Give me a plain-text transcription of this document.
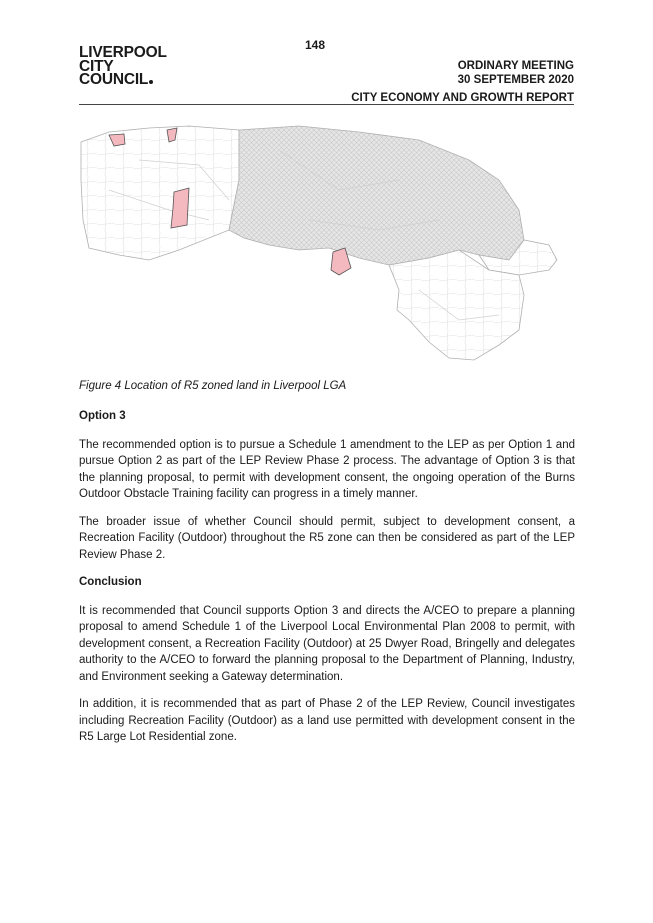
148
LIVERPOOL
CITY
COUNCIL
ORDINARY MEETING
30 SEPTEMBER 2020
CITY ECONOMY AND GROWTH REPORT
Figure 4 Location of R5 zoned land in Liverpool LGA
Option 3

The recommended option is to pursue a Schedule 1 amendment to the LEP as per Option 1 and pursue Option 2 as part of the LEP Review Phase 2 process. The advantage of Option 3 is that the planning proposal, to permit with development consent, the ongoing operation of the Burns Outdoor Obstacle Training facility can progress in a timely manner.

The broader issue of whether Council should permit, subject to development consent, a Recreation Facility (Outdoor) throughout the R5 zone can then be considered as part of the LEP Review Phase 2.

Conclusion

It is recommended that Council supports Option 3 and directs the A/CEO to prepare a planning proposal to amend Schedule 1 of the Liverpool Local Environmental Plan 2008 to permit, with development consent, a Recreation Facility (Outdoor) at 25 Dwyer Road, Bringelly and delegates authority to the A/CEO to forward the planning proposal to the Department of Planning, Industry, and Environment seeking a Gateway determination.

In addition, it is recommended that as part of Phase 2 of the LEP Review, Council investigates including Recreation Facility (Outdoor) as a land use permitted with development consent in the R5 Large Lot Residential zone.
